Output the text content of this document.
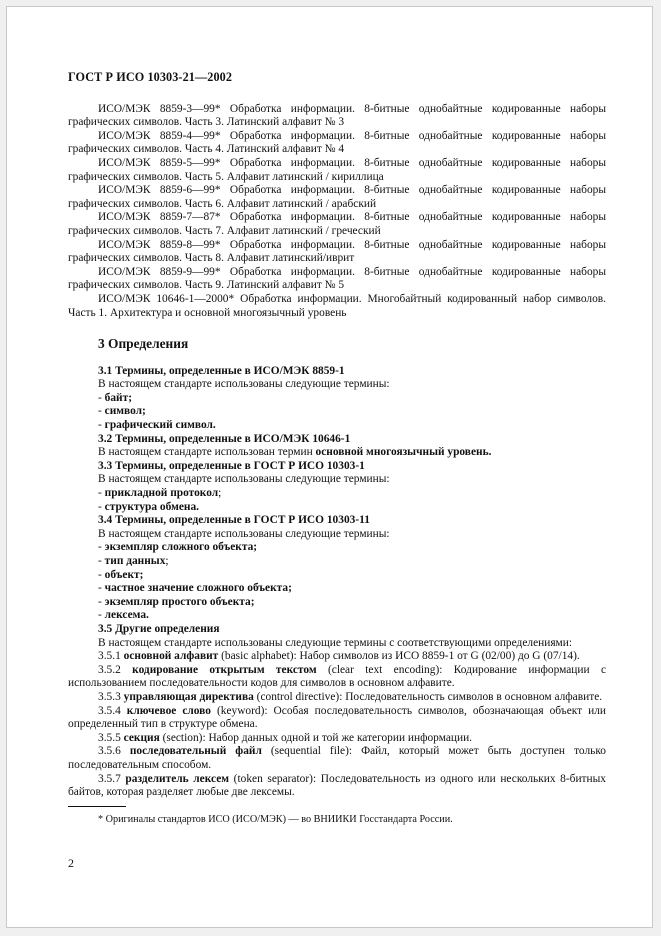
ГОСТ Р ИСО 10303-21—2002

ИСО/МЭК 8859-3—99* Обработка информации. 8-битные однобайтные кодированные наборы графических символов. Часть 3. Латинский алфавит № 3

ИСО/МЭК 8859-4—99* Обработка информации. 8-битные однобайтные кодированные наборы графических символов. Часть 4. Латинский алфавит № 4

ИСО/МЭК 8859-5—99* Обработка информации. 8-битные однобайтные кодированные наборы графических символов. Часть 5. Алфавит латинский / кириллица

ИСО/МЭК 8859-6—99* Обработка информации. 8-битные однобайтные кодированные наборы графических символов. Часть 6. Алфавит латинский / арабский

ИСО/МЭК 8859-7—87* Обработка информации. 8-битные однобайтные кодированные наборы графических символов. Часть 7. Алфавит латинский / греческий

ИСО/МЭК 8859-8—99* Обработка информации. 8-битные однобайтные кодированные наборы графических символов. Часть 8. Алфавит латинский/иврит

ИСО/МЭК 8859-9—99* Обработка информации. 8-битные однобайтные кодированные наборы графических символов. Часть 9. Латинский алфавит № 5

ИСО/МЭК 10646-1—2000* Обработка информации. Многобайтный кодированный набор символов. Часть 1. Архитектура и основной многоязычный уровень

3 Определения

3.1 Термины, определенные в ИСО/МЭК 8859-1

В настоящем стандарте использованы следующие термины:

- байт;

- символ;

- графический символ.

3.2 Термины, определенные в ИСО/МЭК 10646-1

В настоящем стандарте использован термин основной многоязычный уровень.

3.3 Термины, определенные в ГОСТ Р ИСО 10303-1

В настоящем стандарте использованы следующие термины:

- прикладной протокол;

- структура обмена.

3.4 Термины, определенные в ГОСТ Р ИСО 10303-11

В настоящем стандарте использованы следующие термины:

- экземпляр сложного объекта;

- тип данных;

- объект;

- частное значение сложного объекта;

- экземпляр простого объекта;

- лексема.

3.5 Другие определения

В настоящем стандарте использованы следующие термины с соответствующими определениями:

3.5.1 основной алфавит (basic alphabet): Набор символов из ИСО 8859-1 от G (02/00) до G (07/14).

3.5.2 кодирование открытым текстом (clear text encoding): Кодирование информации с использованием последовательности кодов для символов в основном алфавите.

3.5.3 управляющая директива (control directive): Последовательность символов в основном алфавите.

3.5.4 ключевое слово (keyword): Особая последовательность символов, обозначающая объект или определенный тип в структуре обмена.

3.5.5 секция (section): Набор данных одной и той же категории информации.

3.5.6 последовательный файл (sequential file): Файл, который может быть доступен только последовательным способом.

3.5.7 разделитель лексем (token separator): Последовательность из одного или нескольких 8-битных байтов, которая разделяет любые две лексемы.

* Оригиналы стандартов ИСО (ИСО/МЭК) — во ВНИИКИ Госстандарта России.

2
